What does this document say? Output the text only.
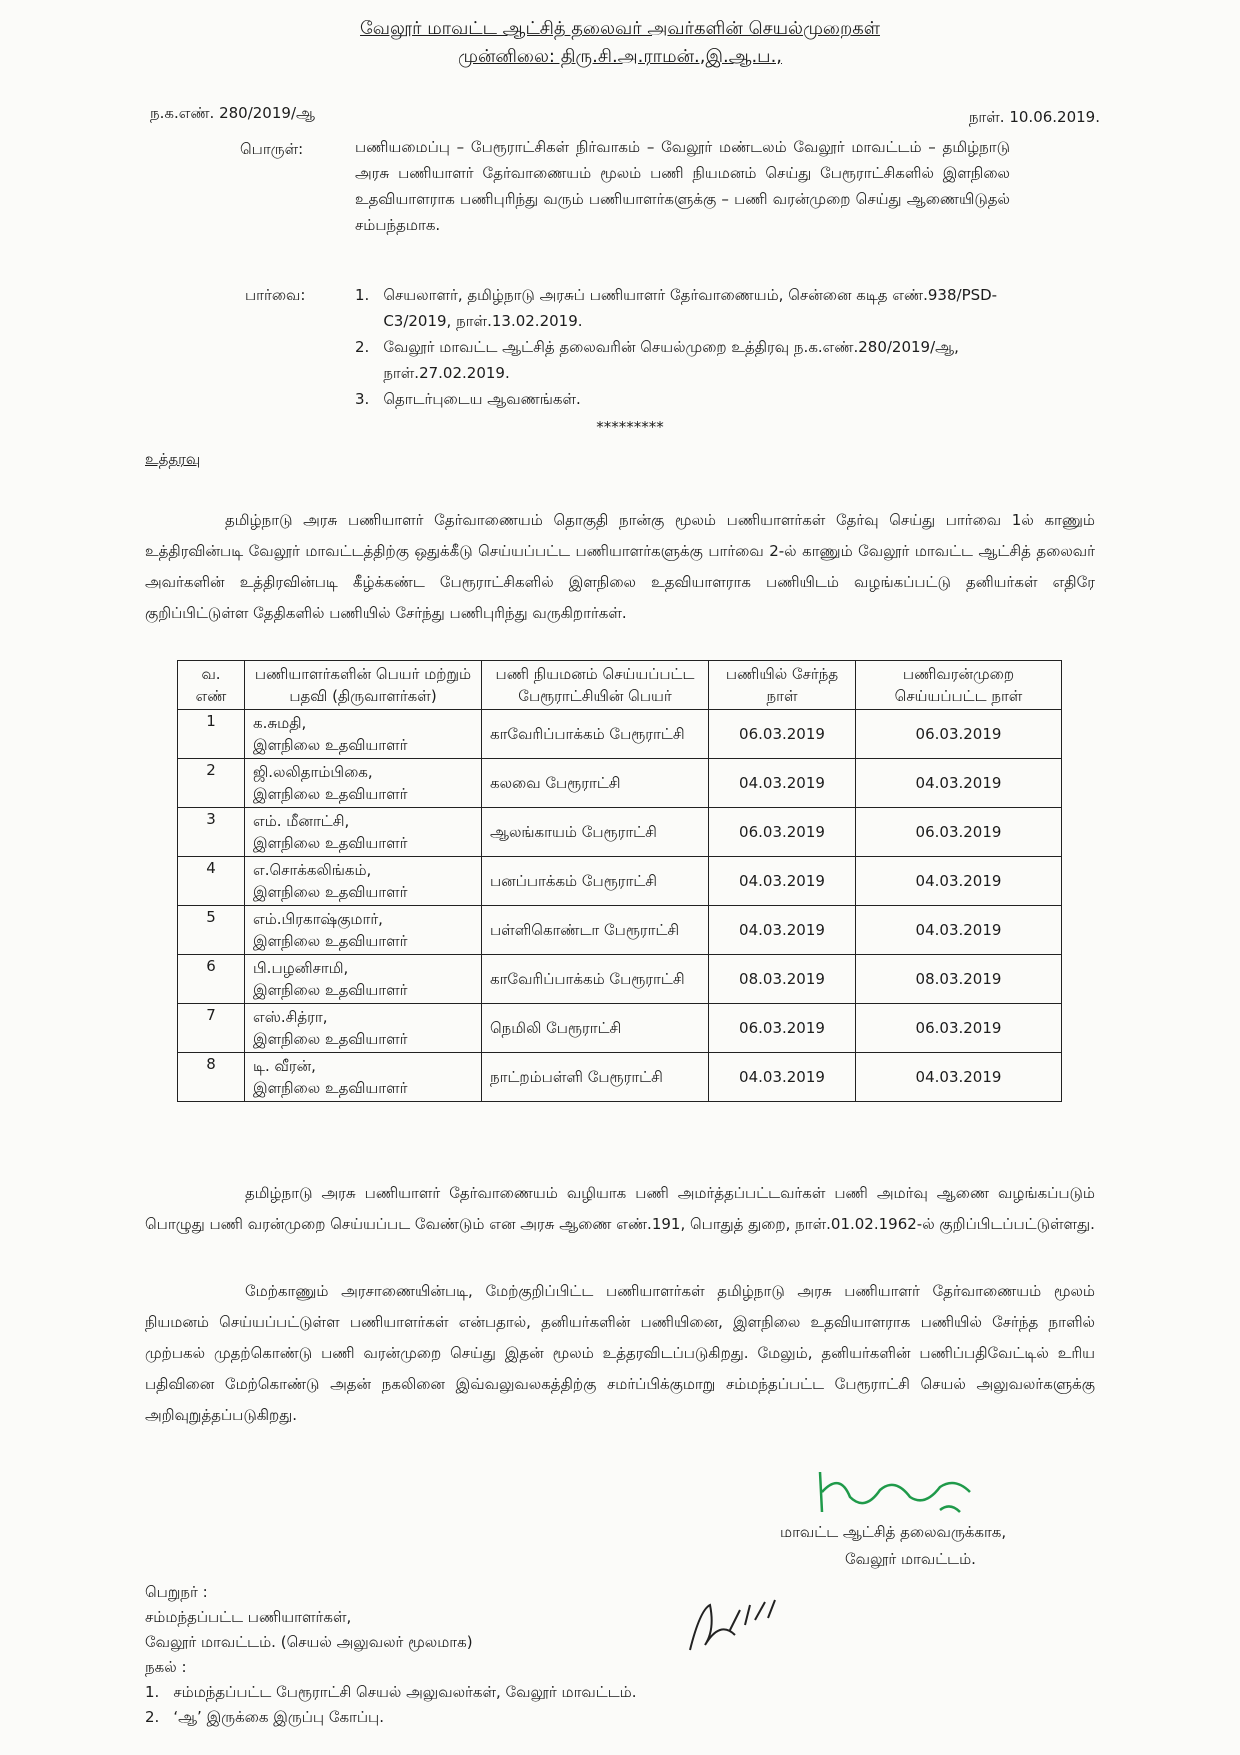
வேலூர் மாவட்ட ஆட்சித் தலைவர் அவர்களின் செயல்முறைகள்
முன்னிலை: திரு.சி.அ.ராமன்.,இ.ஆ.ப.,
ந.க.எண். 280/2019/ஆ	நாள். 10.06.2019.
பொருள்:	பணியமைப்பு – பேரூராட்சிகள் நிர்வாகம் – வேலூர் மண்டலம் வேலூர் மாவட்டம் – தமிழ்நாடு அரசு பணியாளர் தேர்வாணையம் மூலம் பணி நியமனம் செய்து பேரூராட்சிகளில் இளநிலை உதவியாளராக பணிபுரிந்து வரும் பணியாளர்களுக்கு – பணி வரன்முறை செய்து ஆணையிடுதல் சம்பந்தமாக.
பார்வை:	1. செயலாளர், தமிழ்நாடு அரசுப் பணியாளர் தேர்வாணையம், சென்னை கடித எண்.938/PSD-C3/2019, நாள்.13.02.2019.
2. வேலூர் மாவட்ட ஆட்சித் தலைவரின் செயல்முறை உத்திரவு ந.க.எண்.280/2019/ஆ, நாள்.27.02.2019.
3. தொடர்புடைய ஆவணங்கள்.
*********
உத்தரவு
தமிழ்நாடு அரசு பணியாளர் தேர்வாணையம் தொகுதி நான்கு மூலம் பணியாளர்கள் தேர்வு செய்து பார்வை 1ல் காணும் உத்திரவின்படி வேலூர் மாவட்டத்திற்கு ஒதுக்கீடு செய்யப்பட்ட பணியாளர்களுக்கு பார்வை 2-ல் காணும் வேலூர் மாவட்ட ஆட்சித் தலைவர் அவர்களின் உத்திரவின்படி கீழ்க்கண்ட பேரூராட்சிகளில் இளநிலை உதவியாளராக பணியிடம் வழங்கப்பட்டு தனியர்கள் எதிரே குறிப்பிட்டுள்ள தேதிகளில் பணியில் சேர்ந்து பணிபுரிந்து வருகிறார்கள்.
வ. எண்	பணியாளர்களின் பெயர் மற்றும் பதவி (திருவாளர்கள்)	பணி நியமனம் செய்யப்பட்ட பேரூராட்சியின் பெயர்	பணியில் சேர்ந்த நாள்	பணிவரன்முறை செய்யப்பட்ட நாள்
1	க.சுமதி,
இளநிலை உதவியாளர்	காவேரிப்பாக்கம் பேரூராட்சி	06.03.2019	06.03.2019
2	ஜி.லலிதாம்பிகை,
இளநிலை உதவியாளர்	கலவை பேரூராட்சி	04.03.2019	04.03.2019
3	எம். மீனாட்சி,
இளநிலை உதவியாளர்	ஆலங்காயம் பேரூராட்சி	06.03.2019	06.03.2019
4	எ.சொக்கலிங்கம்,
இளநிலை உதவியாளர்	பனப்பாக்கம் பேரூராட்சி	04.03.2019	04.03.2019
5	எம்.பிரகாஷ்குமார்,
இளநிலை உதவியாளர்	பள்ளிகொண்டா பேரூராட்சி	04.03.2019	04.03.2019
6	பி.பழனிசாமி,
இளநிலை உதவியாளர்	காவேரிப்பாக்கம் பேரூராட்சி	08.03.2019	08.03.2019
7	எஸ்.சித்ரா,
இளநிலை உதவியாளர்	நெமிலி பேரூராட்சி	06.03.2019	06.03.2019
8	டி. வீரன்,
இளநிலை உதவியாளர்	நாட்றம்பள்ளி பேரூராட்சி	04.03.2019	04.03.2019
தமிழ்நாடு அரசு பணியாளர் தேர்வாணையம் வழியாக பணி அமர்த்தப்பட்டவர்கள் பணி அமர்வு ஆணை வழங்கப்படும் பொழுது பணி வரன்முறை செய்யப்பட வேண்டும் என அரசு ஆணை எண்.191, பொதுத் துறை, நாள்.01.02.1962-ல் குறிப்பிடப்பட்டுள்ளது.
மேற்காணும் அரசாணையின்படி, மேற்குறிப்பிட்ட பணியாளர்கள் தமிழ்நாடு அரசு பணியாளர் தேர்வாணையம் மூலம் நியமனம் செய்யப்பட்டுள்ள பணியாளர்கள் என்பதால், தனியர்களின் பணியினை, இளநிலை உதவியாளராக பணியில் சேர்ந்த நாளில் முற்பகல் முதற்கொண்டு பணி வரன்முறை செய்து இதன் மூலம் உத்தரவிடப்படுகிறது. மேலும், தனியர்களின் பணிப்பதிவேட்டில் உரிய பதிவினை மேற்கொண்டு அதன் நகலினை இவ்வலுவலகத்திற்கு சமர்ப்பிக்குமாறு சம்மந்தப்பட்ட பேரூராட்சி செயல் அலுவலர்களுக்கு அறிவுறுத்தப்படுகிறது.
மாவட்ட ஆட்சித் தலைவருக்காக,
வேலூர் மாவட்டம்.
பெறுநர் :
சம்மந்தப்பட்ட பணியாளர்கள்,
வேலூர் மாவட்டம். (செயல் அலுவலர் மூலமாக)
நகல் :
1. சம்மந்தப்பட்ட பேரூராட்சி செயல் அலுவலர்கள், வேலூர் மாவட்டம்.
2. ‘ஆ’ இருக்கை இருப்பு கோப்பு.
